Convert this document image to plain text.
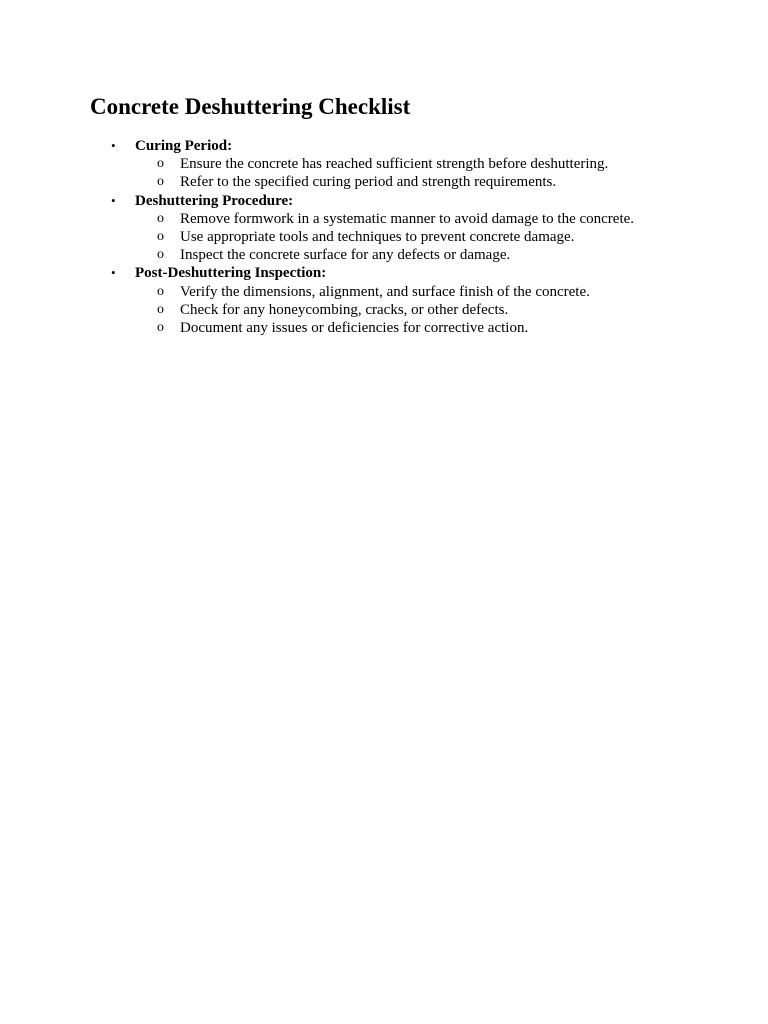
Concrete Deshuttering Checklist
• Curing Period:
o Ensure the concrete has reached sufficient strength before deshuttering.
o Refer to the specified curing period and strength requirements.
• Deshuttering Procedure:
o Remove formwork in a systematic manner to avoid damage to the concrete.
o Use appropriate tools and techniques to prevent concrete damage.
o Inspect the concrete surface for any defects or damage.
• Post-Deshuttering Inspection:
o Verify the dimensions, alignment, and surface finish of the concrete.
o Check for any honeycombing, cracks, or other defects.
o Document any issues or deficiencies for corrective action.
